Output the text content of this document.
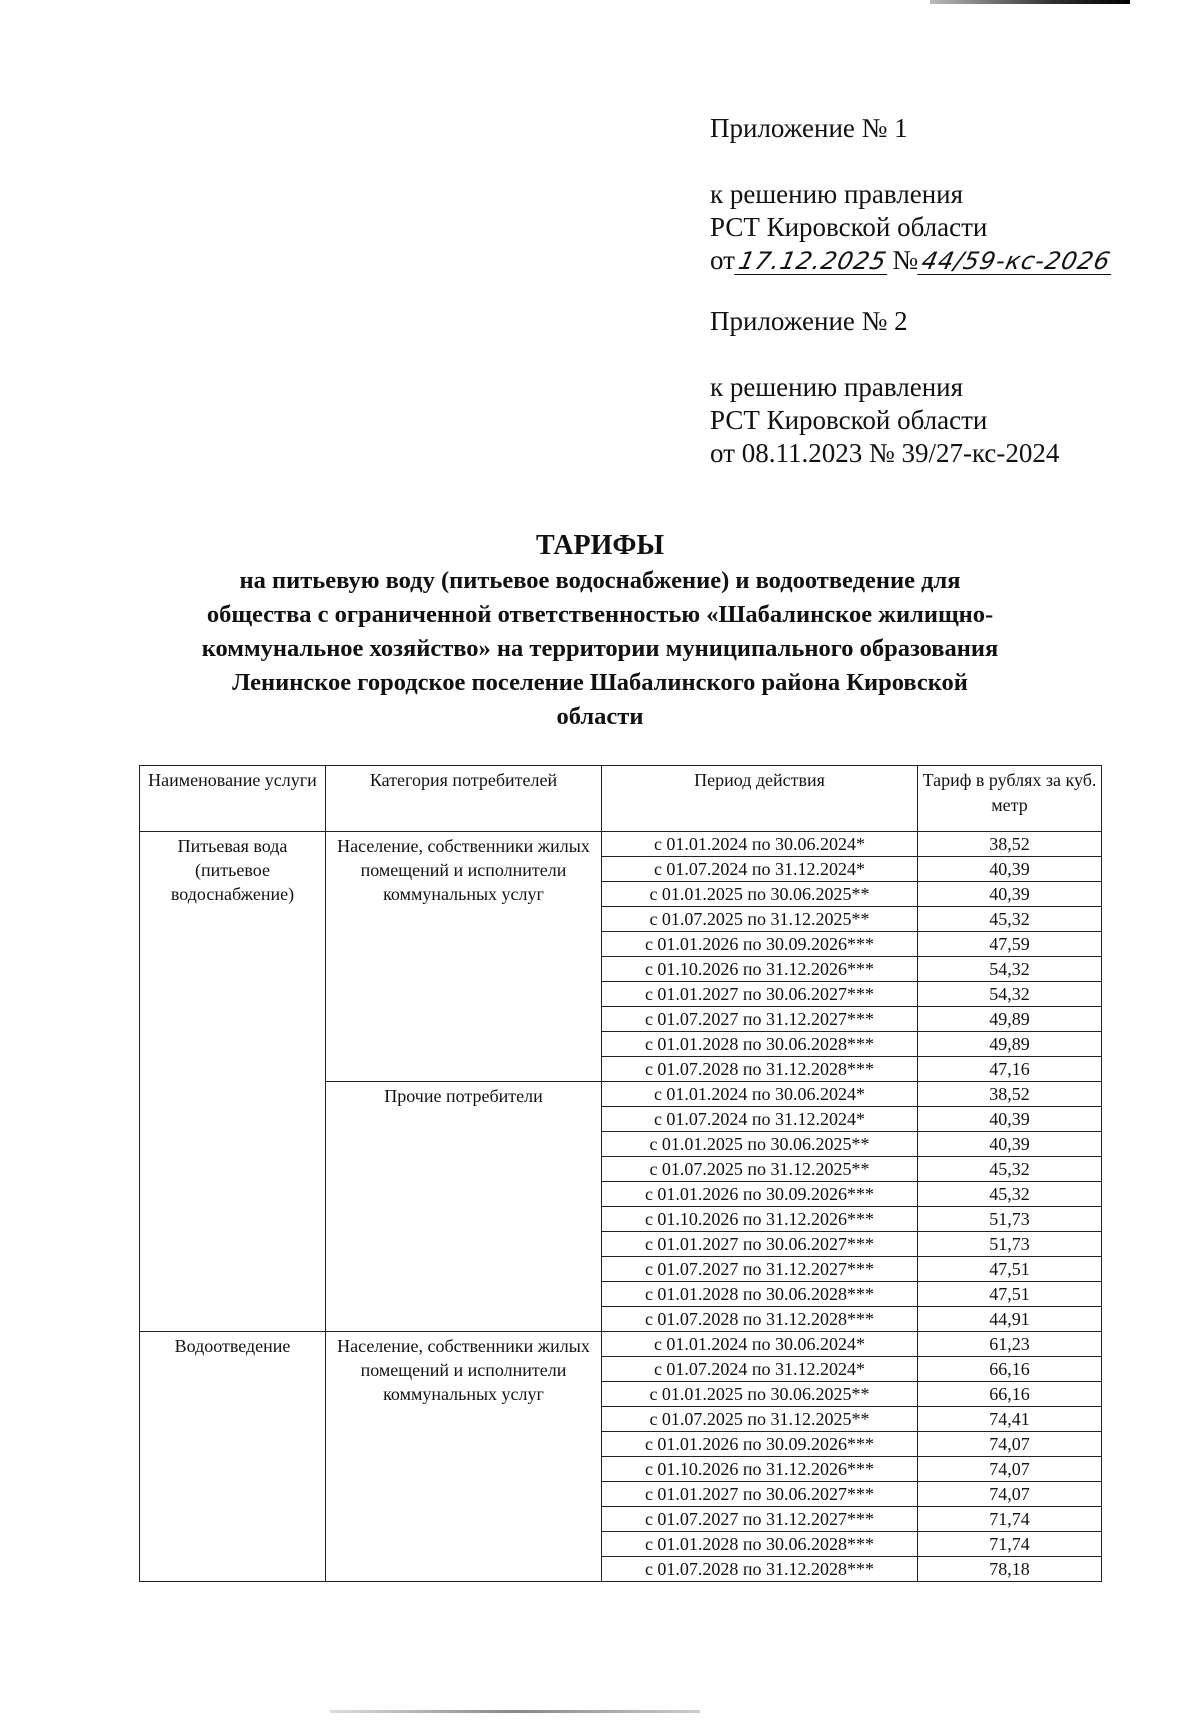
Приложение № 1
к решению правления
РСТ Кировской области
от17.12.2025 №44/59-кс-2026
Приложение № 2
к решению правления
РСТ Кировской области
от 08.11.2023 № 39/27-кс-2024
ТАРИФЫ
на питьевую воду (питьевое водоснабжение) и водоотведение для
общества с ограниченной ответственностью «Шабалинское жилищно-
коммунальное хозяйство» на территории муниципального образования
Ленинское городское поселение Шабалинского района Кировской
области
Наименование услуги	Категория потребителей	Период действия	Тариф в рублях за куб. метр
Питьевая вода (питьевое водоснабжение)	Население, собственники жилых помещений и исполнители коммунальных услуг	с 01.01.2024 по 30.06.2024*	38,52
		с 01.07.2024 по 31.12.2024*	40,39
		с 01.01.2025 по 30.06.2025**	40,39
		с 01.07.2025 по 31.12.2025**	45,32
		с 01.01.2026 по 30.09.2026***	47,59
		с 01.10.2026 по 31.12.2026***	54,32
		с 01.01.2027 по 30.06.2027***	54,32
		с 01.07.2027 по 31.12.2027***	49,89
		с 01.01.2028 по 30.06.2028***	49,89
		с 01.07.2028 по 31.12.2028***	47,16
	Прочие потребители	с 01.01.2024 по 30.06.2024*	38,52
		с 01.07.2024 по 31.12.2024*	40,39
		с 01.01.2025 по 30.06.2025**	40,39
		с 01.07.2025 по 31.12.2025**	45,32
		с 01.01.2026 по 30.09.2026***	45,32
		с 01.10.2026 по 31.12.2026***	51,73
		с 01.01.2027 по 30.06.2027***	51,73
		с 01.07.2027 по 31.12.2027***	47,51
		с 01.01.2028 по 30.06.2028***	47,51
		с 01.07.2028 по 31.12.2028***	44,91
Водоотведение	Население, собственники жилых помещений и исполнители коммунальных услуг	с 01.01.2024 по 30.06.2024*	61,23
		с 01.07.2024 по 31.12.2024*	66,16
		с 01.01.2025 по 30.06.2025**	66,16
		с 01.07.2025 по 31.12.2025**	74,41
		с 01.01.2026 по 30.09.2026***	74,07
		с 01.10.2026 по 31.12.2026***	74,07
		с 01.01.2027 по 30.06.2027***	74,07
		с 01.07.2027 по 31.12.2027***	71,74
		с 01.01.2028 по 30.06.2028***	71,74
		с 01.07.2028 по 31.12.2028***	78,18
